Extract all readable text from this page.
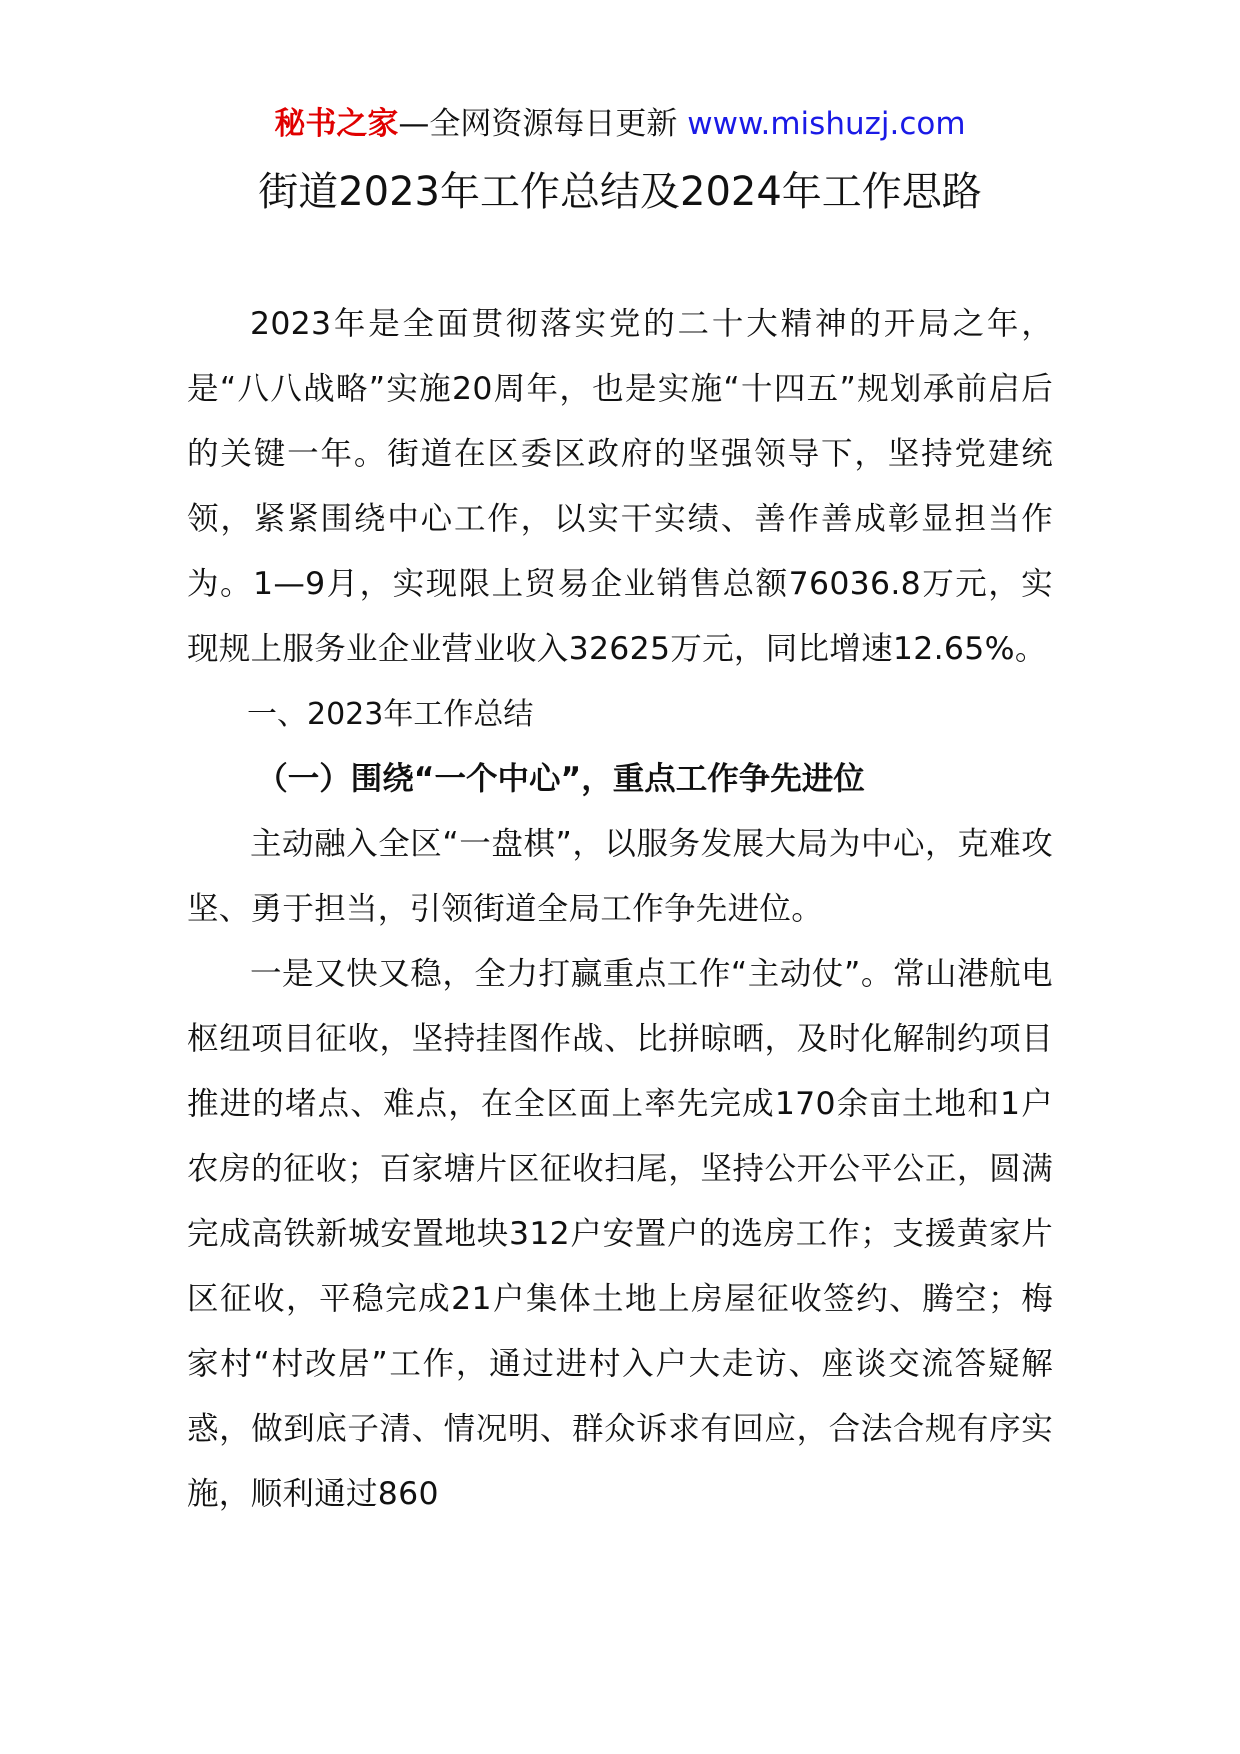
秘书之家—全网资源每日更新 www.mishuzj.com
街道2023年工作总结及2024年工作思路

2023年是全面贯彻落实党的二十大精神的开局之年，是“八八战略”实施20周年，也是实施“十四五”规划承前启后的关键一年。街道在区委区政府的坚强领导下，坚持党建统领，紧紧围绕中心工作，以实干实绩、善作善成彰显担当作为。1—9月，实现限上贸易企业销售总额76036.8万元，实现规上服务业企业营业收入32625万元，同比增速12.65%。

一、2023年工作总结

（一）围绕“一个中心”，重点工作争先进位

主动融入全区“一盘棋”，以服务发展大局为中心，克难攻坚、勇于担当，引领街道全局工作争先进位。

一是又快又稳，全力打赢重点工作“主动仗”。常山港航电枢纽项目征收，坚持挂图作战、比拼晾晒，及时化解制约项目推进的堵点、难点，在全区面上率先完成170余亩土地和1户农房的征收；百家塘片区征收扫尾，坚持公开公平公正，圆满完成高铁新城安置地块312户安置户的选房工作；支援黄家片区征收，平稳完成21户集体土地上房屋征收签约、腾空；梅家村“村改居”工作，通过进村入户大走访、座谈交流答疑解惑，做到底子清、情况明、群众诉求有回应，合法合规有序实施，顺利通过860
